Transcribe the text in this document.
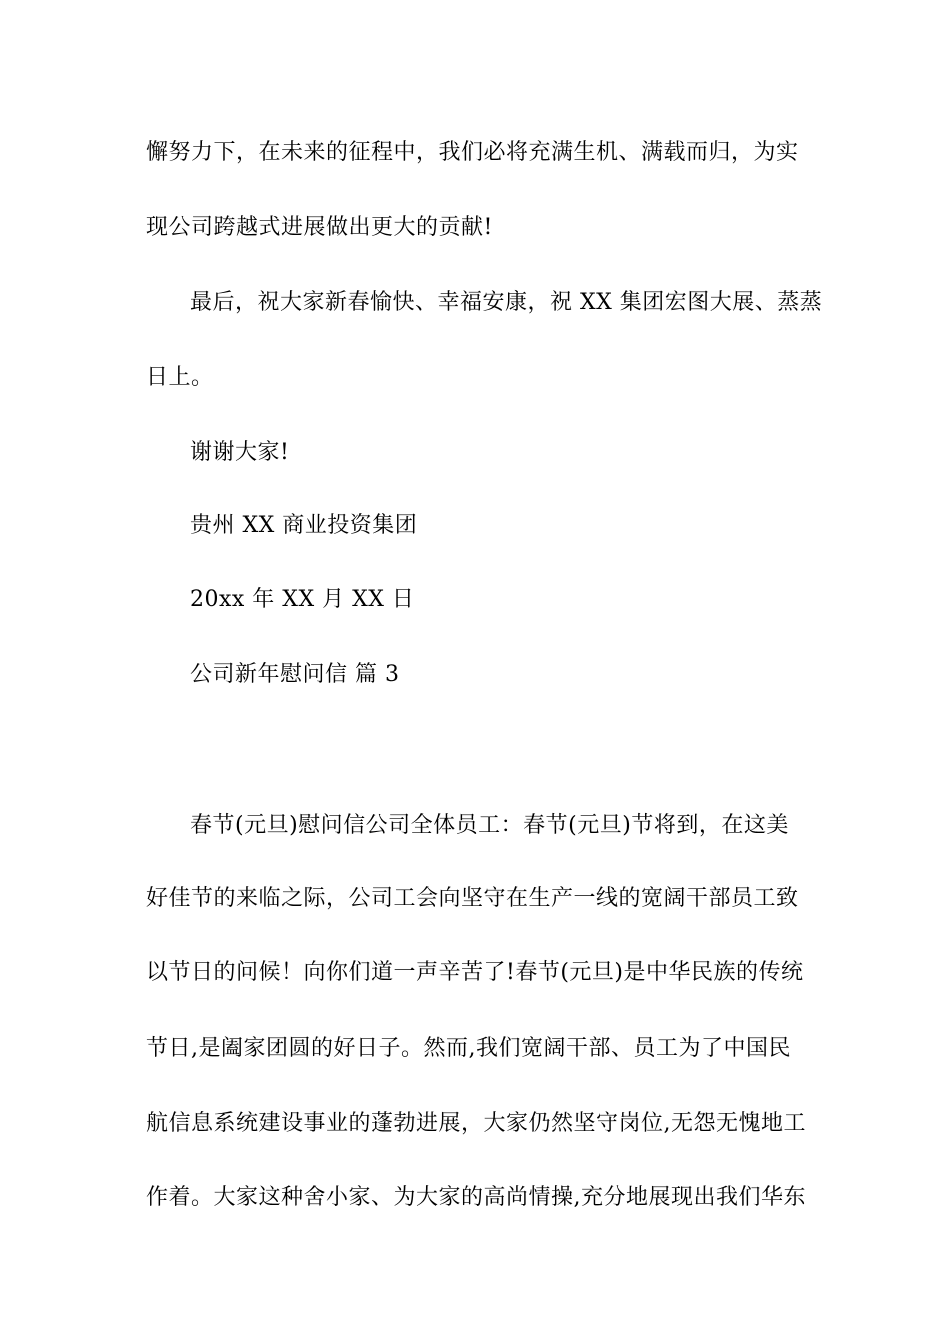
懈努力下，在未来的征程中，我们必将充满生机、满载而归，为实
现公司跨越式进展做出更大的贡献!
最后，祝大家新春愉快、幸福安康，祝 XX 集团宏图大展、蒸蒸
日上。
谢谢大家!
贵州 XX 商业投资集团
20xx 年 XX 月 XX 日
公司新年慰问信 篇 3
春节(元旦)慰问信公司全体员工：春节(元旦)节将到，在这美
好佳节的来临之际，公司工会向坚守在生产一线的宽阔干部员工致
以节日的问候！向你们道一声辛苦了!春节(元旦)是中华民族的传统
节日,是阖家团圆的好日子。然而,我们宽阔干部、员工为了中国民
航信息系统建设事业的蓬勃进展，大家仍然坚守岗位,无怨无愧地工
作着。大家这种舍小家、为大家的高尚情操,充分地展现出我们华东
